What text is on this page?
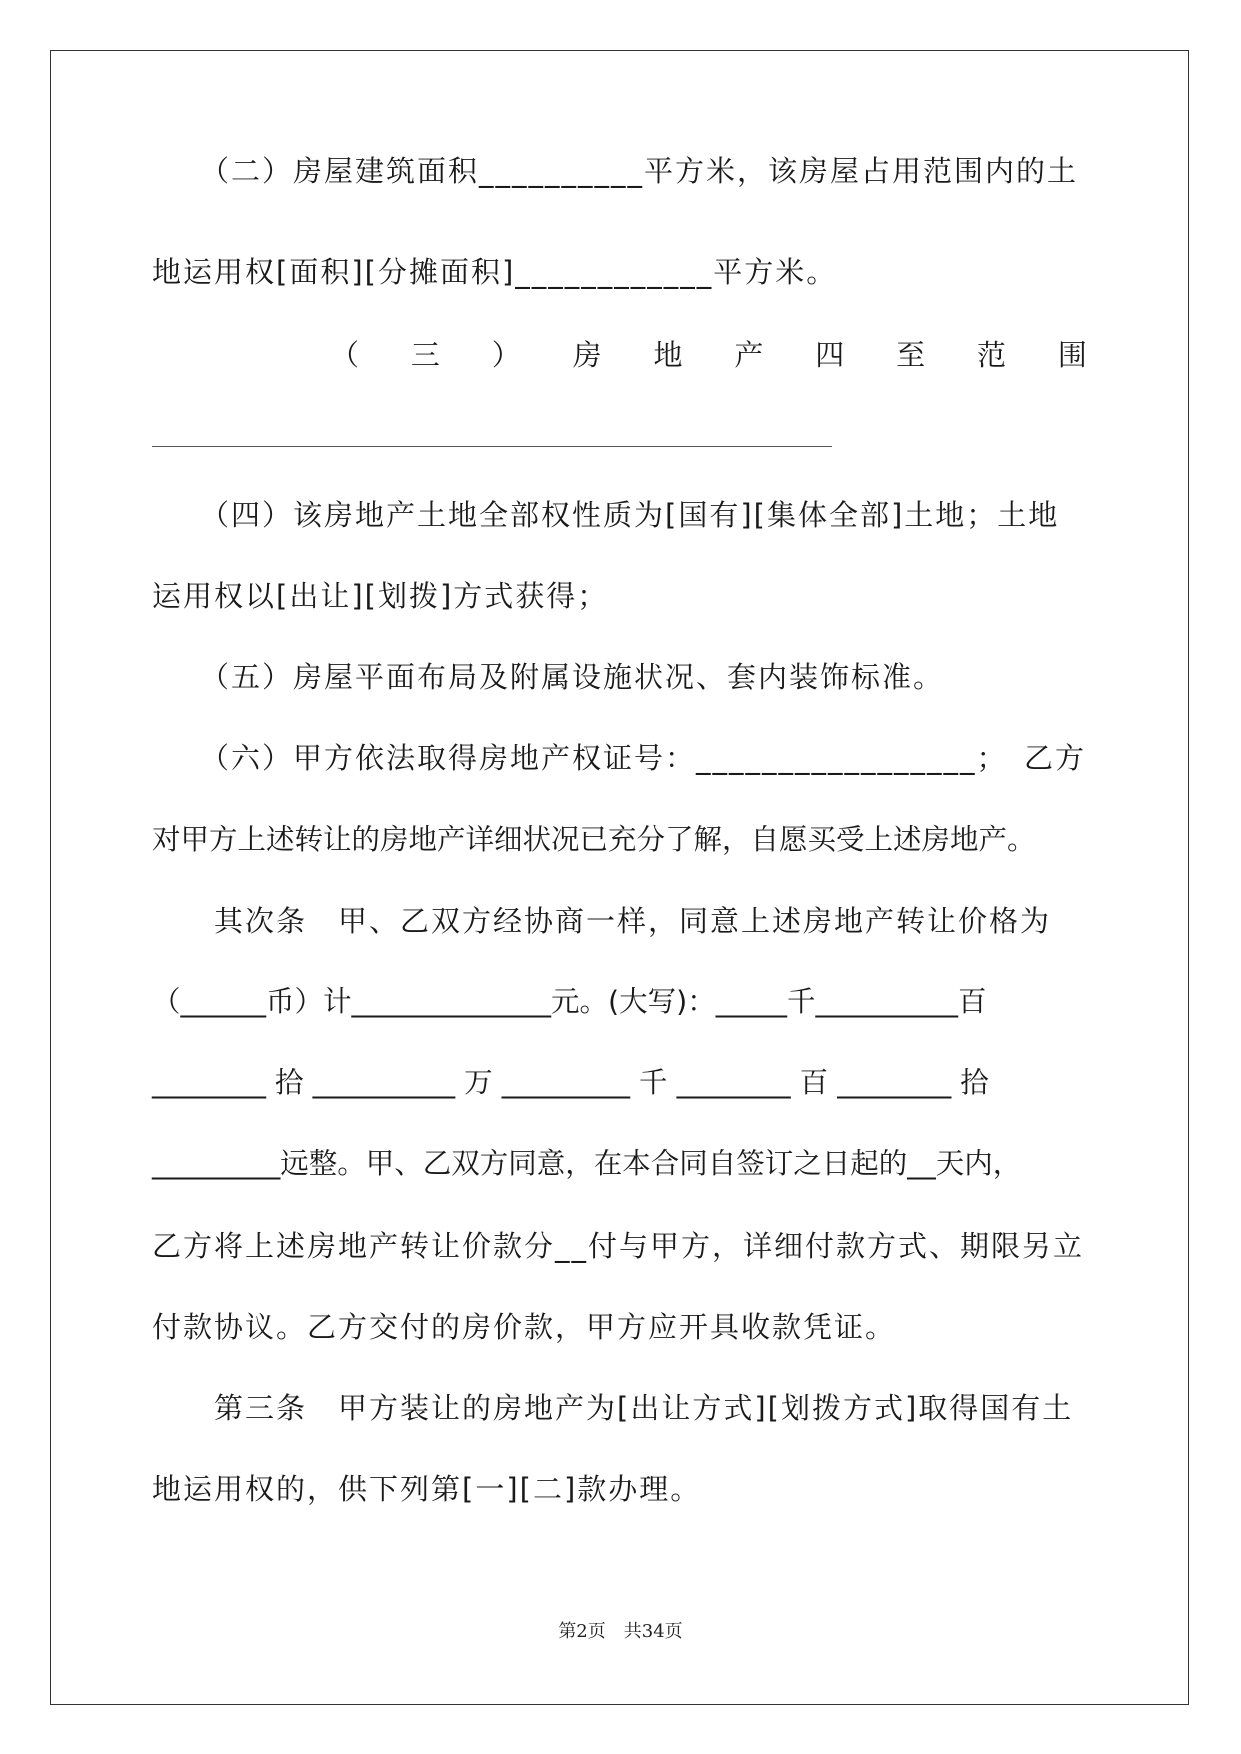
（二）房屋建筑面积__________平方米，该房屋占用范围内的土
地运用权[面积][分摊面积]____________平方米。
（ 三 ） 房 地 产 四 至 范 围
（四）该房地产土地全部权性质为[国有][集体全部]土地；土地
运用权以[出让][划拨]方式获得；
（五）房屋平面布局及附属设施状况、套内装饰标准。
（六）甲方依法取得房地产权证号：_________________；　乙方
对甲方上述转让的房地产详细状况已充分了解，自愿买受上述房地产。
其次条　甲、乙双方经协商一样，同意上述房地产转让价格为
（______币）计______________元。(大写)：_____千__________百
________ 拾 __________ 万 _________ 千 ________ 百 ________ 拾
_________远整。甲、乙双方同意，在本合同自签订之日起的__天内，
乙方将上述房地产转让价款分__付与甲方，详细付款方式、期限另立
付款协议。乙方交付的房价款，甲方应开具收款凭证。
第三条　甲方装让的房地产为[出让方式][划拨方式]取得国有土
地运用权的，供下列第[一][二]款办理。
第2页　共34页
